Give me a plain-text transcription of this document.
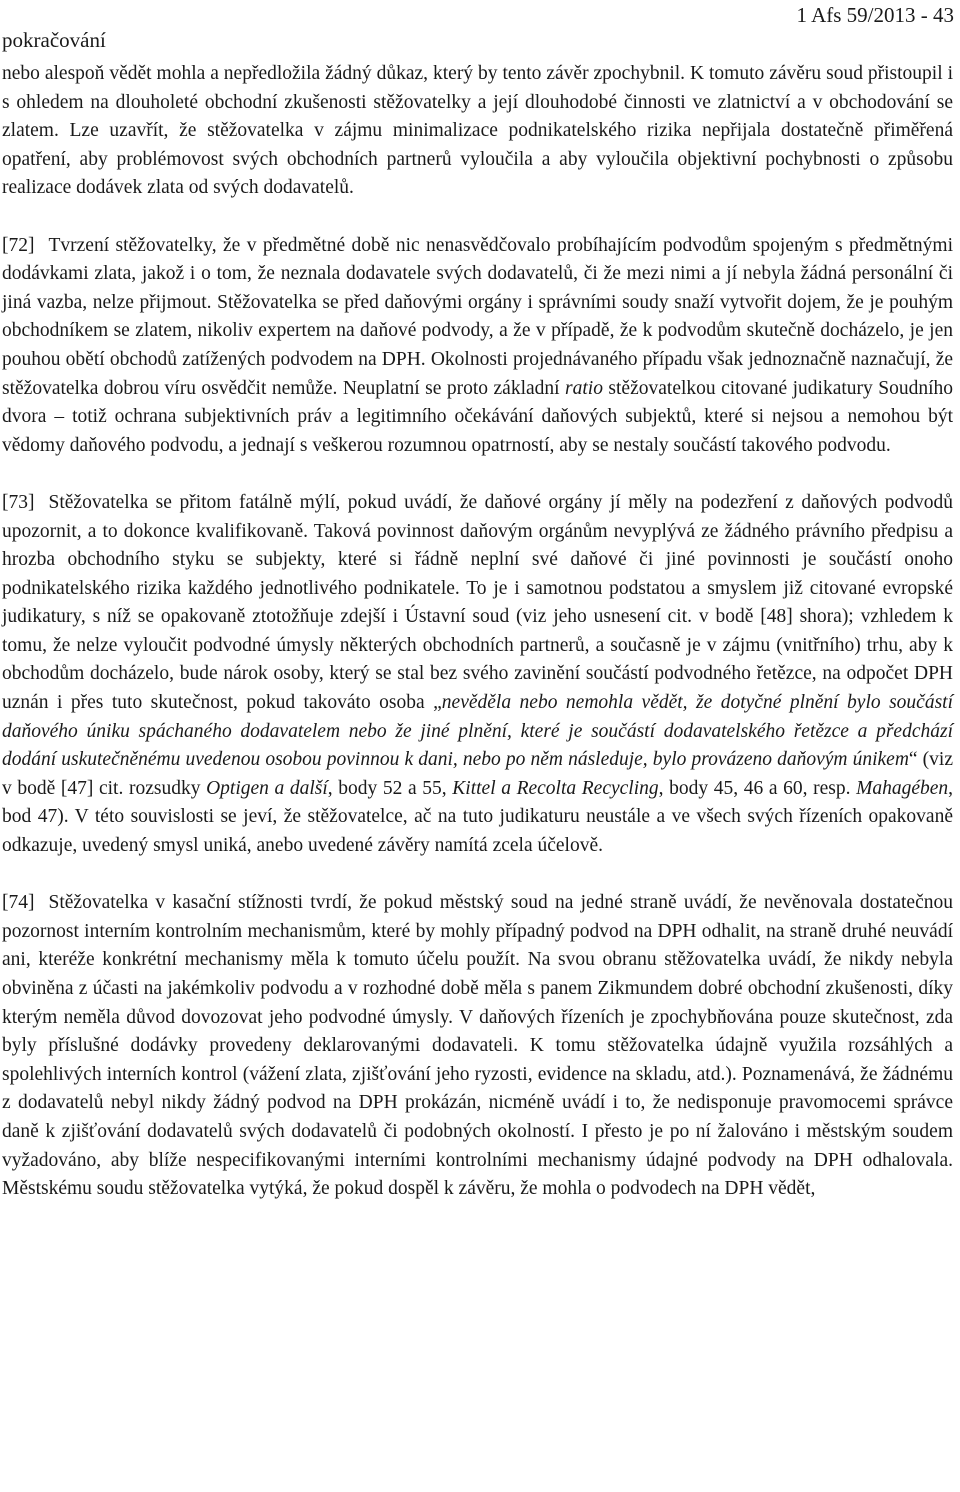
1 Afs 59/2013 - 43
pokračování

nebo alespoň vědět mohla a nepředložila žádný důkaz, který by tento závěr zpochybnil. K tomuto závěru soud přistoupil i s ohledem na dlouholeté obchodní zkušenosti stěžovatelky a její dlouhodobé činnosti ve zlatnictví a v obchodování se zlatem. Lze uzavřít, že stěžovatelka v zájmu minimalizace podnikatelského rizika nepřijala dostatečně přiměřená opatření, aby problémovost svých obchodních partnerů vyloučila a aby vyloučila objektivní pochybnosti o způsobu realizace dodávek zlata od svých dodavatelů.

[72] Tvrzení stěžovatelky, že v předmětné době nic nenasvědčovalo probíhajícím podvodům spojeným s předmětnými dodávkami zlata, jakož i o tom, že neznala dodavatele svých dodavatelů, či že mezi nimi a jí nebyla žádná personální či jiná vazba, nelze přijmout. Stěžovatelka se před daňovými orgány i správními soudy snaží vytvořit dojem, že je pouhým obchodníkem se zlatem, nikoliv expertem na daňové podvody, a že v případě, že k podvodům skutečně docházelo, je jen pouhou obětí obchodů zatížených podvodem na DPH. Okolnosti projednávaného případu však jednoznačně naznačují, že stěžovatelka dobrou víru osvědčit nemůže. Neuplatní se proto základní ratio stěžovatelkou citované judikatury Soudního dvora – totiž ochrana subjektivních práv a legitimního očekávání daňových subjektů, které si nejsou a nemohou být vědomy daňového podvodu, a jednají s veškerou rozumnou opatrností, aby se nestaly součástí takového podvodu.

[73] Stěžovatelka se přitom fatálně mýlí, pokud uvádí, že daňové orgány jí měly na podezření z daňových podvodů upozornit, a to dokonce kvalifikovaně. Taková povinnost daňovým orgánům nevyplývá ze žádného právního předpisu a hrozba obchodního styku se subjekty, které si řádně neplní své daňové či jiné povinnosti je součástí onoho podnikatelského rizika každého jednotlivého podnikatele. To je i samotnou podstatou a smyslem již citované evropské judikatury, s níž se opakovaně ztotožňuje zdejší i Ústavní soud (viz jeho usnesení cit. v bodě [48] shora); vzhledem k tomu, že nelze vyloučit podvodné úmysly některých obchodních partnerů, a současně je v zájmu (vnitřního) trhu, aby k obchodům docházelo, bude nárok osoby, který se stal bez svého zavinění součástí podvodného řetězce, na odpočet DPH uznán i přes tuto skutečnost, pokud takováto osoba „nevěděla nebo nemohla vědět, že dotyčné plnění bylo součástí daňového úniku spáchaného dodavatelem nebo že jiné plnění, které je součástí dodavatelského řetězce a předchází dodání uskutečněnému uvedenou osobou povinnou k dani, nebo po něm následuje, bylo provázeno daňovým únikem“ (viz v bodě [47] cit. rozsudky Optigen a další, body 52 a 55, Kittel a Recolta Recycling, body 45, 46 a 60, resp. Mahagében, bod 47). V této souvislosti se jeví, že stěžovatelce, ač na tuto judikaturu neustále a ve všech svých řízeních opakovaně odkazuje, uvedený smysl uniká, anebo uvedené závěry namítá zcela účelově.

[74] Stěžovatelka v kasační stížnosti tvrdí, že pokud městský soud na jedné straně uvádí, že nevěnovala dostatečnou pozornost interním kontrolním mechanismům, které by mohly případný podvod na DPH odhalit, na straně druhé neuvádí ani, kteréže konkrétní mechanismy měla k tomuto účelu použít. Na svou obranu stěžovatelka uvádí, že nikdy nebyla obviněna z účasti na jakémkoliv podvodu a v rozhodné době měla s panem Zikmundem dobré obchodní zkušenosti, díky kterým neměla důvod dovozovat jeho podvodné úmysly. V daňových řízeních je zpochybňována pouze skutečnost, zda byly příslušné dodávky provedeny deklarovanými dodavateli. K tomu stěžovatelka údajně využila rozsáhlých a spolehlivých interních kontrol (vážení zlata, zjišťování jeho ryzosti, evidence na skladu, atd.). Poznamenává, že žádnému z dodavatelů nebyl nikdy žádný podvod na DPH prokázán, nicméně uvádí i to, že nedisponuje pravomocemi správce daně k zjišťování dodavatelů svých dodavatelů či podobných okolností. I přesto je po ní žalováno i městským soudem vyžadováno, aby blíže nespecifikovanými interními kontrolními mechanismy údajné podvody na DPH odhalovala. Městskému soudu stěžovatelka vytýká, že pokud dospěl k závěru, že mohla o podvodech na DPH vědět,
